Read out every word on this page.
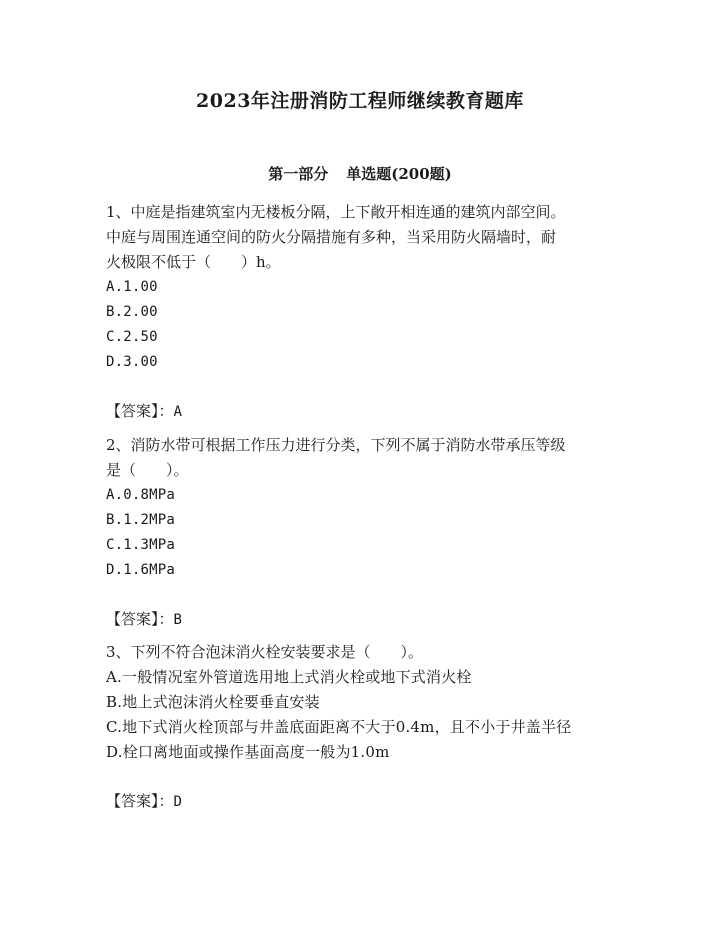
2023年注册消防工程师继续教育题库
第一部分 单选题(200题)

1、中庭是指建筑室内无楼板分隔，上下敞开相连通的建筑内部空间。

中庭与周围连通空间的防火分隔措施有多种，当采用防火隔墙时，耐

火极限不低于（　　）h。

A.1.00

B.2.00

C.2.50

D.3.00

【答案】：A

2、消防水带可根据工作压力进行分类，下列不属于消防水带承压等级

是（　　）。

A.0.8MPa

B.1.2MPa

C.1.3MPa

D.1.6MPa

【答案】：B

3、下列不符合泡沫消火栓安装要求是（　　）。

A.一般情况室外管道选用地上式消火栓或地下式消火栓

B.地上式泡沫消火栓要垂直安装

C.地下式消火栓顶部与井盖底面距离不大于0.4m，且不小于井盖半径

D.栓口离地面或操作基面高度一般为1.0m

【答案】：D
